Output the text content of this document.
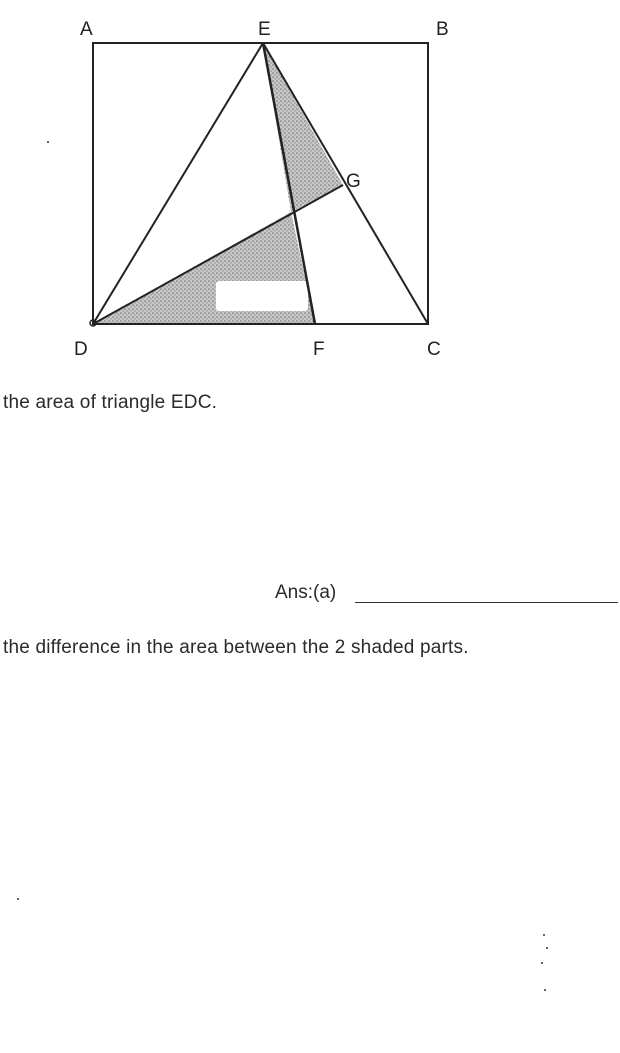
A	E	B
G
D	F	C
the area of triangle EDC.
Ans:(a)
the difference in the area between the 2 shaded parts.
